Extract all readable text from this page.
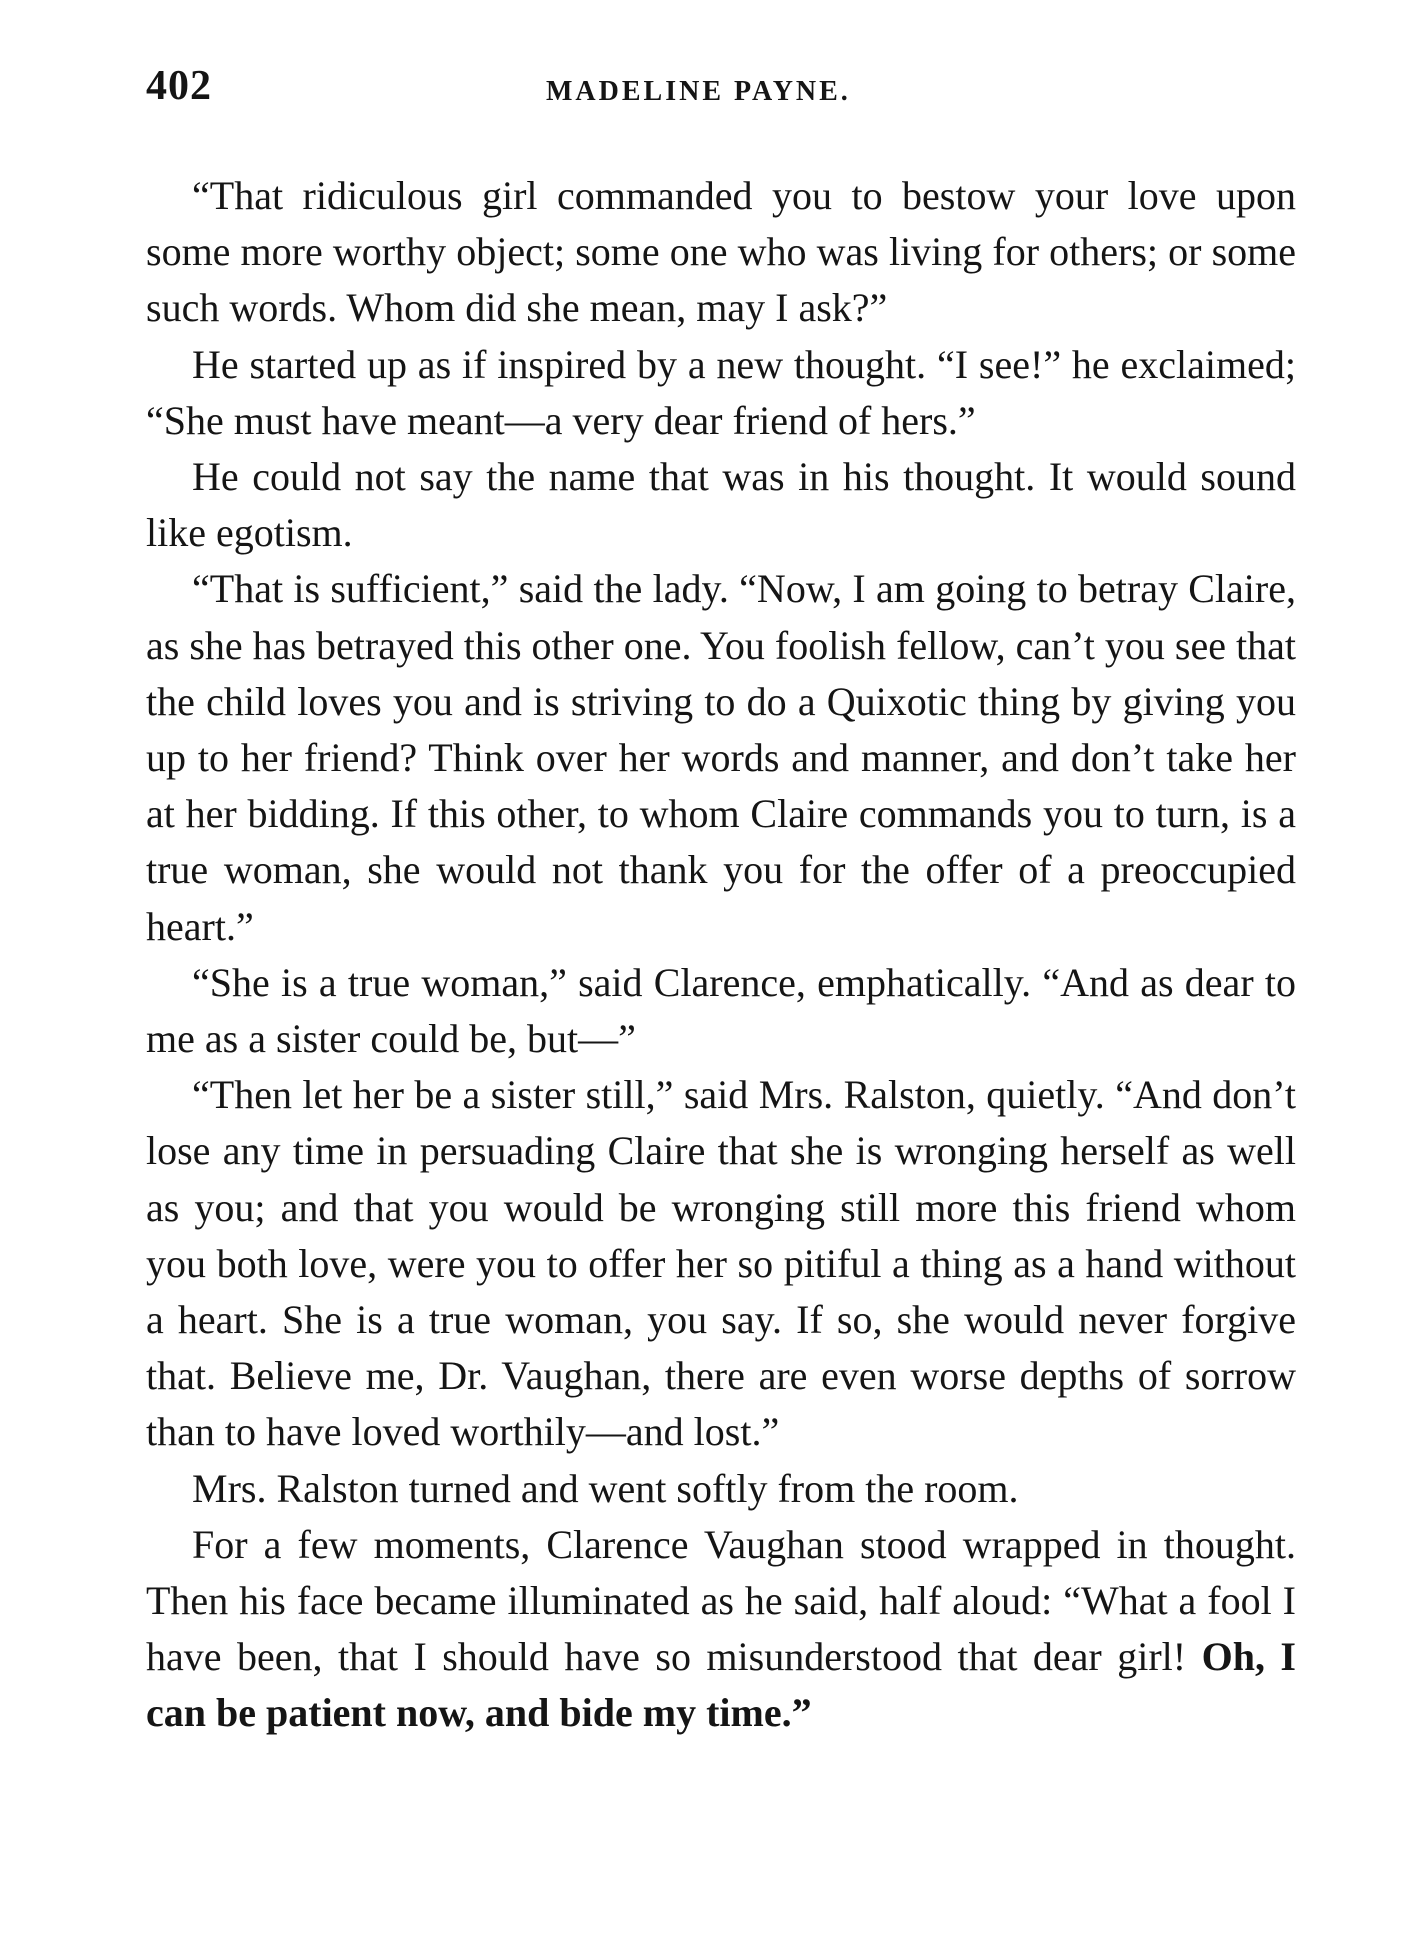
402	MADELINE PAYNE.

“That ridiculous girl commanded you to bestow your love upon some more worthy object; some one who was living for others; or some such words. Whom did she mean, may I ask?”

He started up as if inspired by a new thought. “I see!” he exclaimed; “She must have meant—a very dear friend of hers.”

He could not say the name that was in his thought. It would sound like egotism.

“That is sufficient,” said the lady. “Now, I am going to betray Claire, as she has betrayed this other one. You foolish fellow, can’t you see that the child loves you and is striving to do a Quixotic thing by giving you up to her friend? Think over her words and manner, and don’t take her at her bidding. If this other, to whom Claire commands you to turn, is a true woman, she would not thank you for the offer of a preoccupied heart.”

“She is a true woman,” said Clarence, emphatically. “And as dear to me as a sister could be, but—”

“Then let her be a sister still,” said Mrs. Ralston, quietly. “And don’t lose any time in persuading Claire that she is wronging herself as well as you; and that you would be wronging still more this friend whom you both love, were you to offer her so pitiful a thing as a hand without a heart. She is a true woman, you say. If so, she would never forgive that. Believe me, Dr. Vaughan, there are even worse depths of sorrow than to have loved worthily—and lost.”

Mrs. Ralston turned and went softly from the room.

For a few moments, Clarence Vaughan stood wrapped in thought. Then his face became illuminated as he said, half aloud: “What a fool I have been, that I should have so misunderstood that dear girl! Oh, I can be patient now, and bide my time.”
